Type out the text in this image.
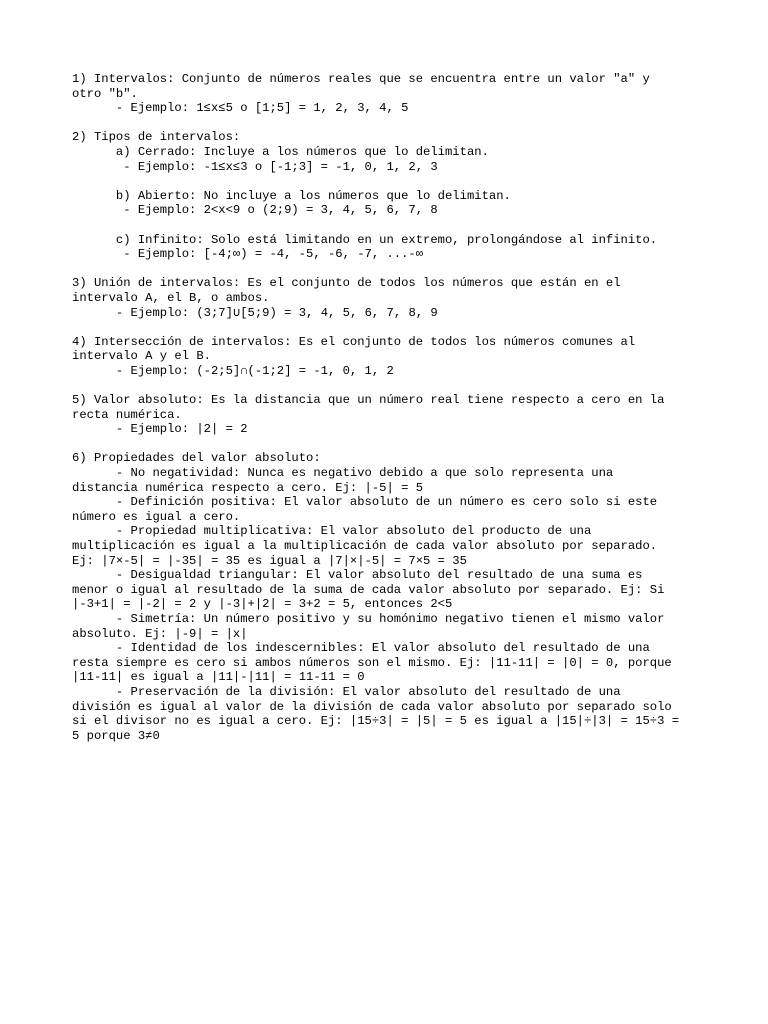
1) Intervalos: Conjunto de números reales que se encuentra entre un valor "a" y
otro "b".
- Ejemplo: 1≤x≤5 o [1;5] = 1, 2, 3, 4, 5
2) Tipos de intervalos:
a) Cerrado: Incluye a los números que lo delimitan.
- Ejemplo: -1≤x≤3 o [-1;3] = -1, 0, 1, 2, 3
b) Abierto: No incluye a los números que lo delimitan.
- Ejemplo: 2<x<9 o (2;9) = 3, 4, 5, 6, 7, 8
c) Infinito: Solo está limitando en un extremo, prolongándose al infinito.
- Ejemplo: [-4;∞) = -4, -5, -6, -7, ...-∞
3) Unión de intervalos: Es el conjunto de todos los números que están en el
intervalo A, el B, o ambos.
- Ejemplo: (3;7]∪[5;9) = 3, 4, 5, 6, 7, 8, 9
4) Intersección de intervalos: Es el conjunto de todos los números comunes al
intervalo A y el B.
- Ejemplo: (-2;5]∩(-1;2] = -1, 0, 1, 2
5) Valor absoluto: Es la distancia que un número real tiene respecto a cero en la
recta numérica.
- Ejemplo: |2| = 2
6) Propiedades del valor absoluto:
- No negatividad: Nunca es negativo debido a que solo representa una
distancia numérica respecto a cero. Ej: |-5| = 5
- Definición positiva: El valor absoluto de un número es cero solo si este
número es igual a cero.
- Propiedad multiplicativa: El valor absoluto del producto de una
multiplicación es igual a la multiplicación de cada valor absoluto por separado.
Ej: |7×-5| = |-35| = 35 es igual a |7|×|-5| = 7×5 = 35
- Desigualdad triangular: El valor absoluto del resultado de una suma es
menor o igual al resultado de la suma de cada valor absoluto por separado. Ej: Si
|-3+1| = |-2| = 2 y |-3|+|2| = 3+2 = 5, entonces 2<5
- Simetría: Un número positivo y su homónimo negativo tienen el mismo valor
absoluto. Ej: |-9| = |x|
- Identidad de los indescernibles: El valor absoluto del resultado de una
resta siempre es cero si ambos números son el mismo. Ej: |11-11| = |0| = 0, porque
|11-11| es igual a |11|-|11| = 11-11 = 0
- Preservación de la división: El valor absoluto del resultado de una
división es igual al valor de la división de cada valor absoluto por separado solo
si el divisor no es igual a cero. Ej: |15÷3| = |5| = 5 es igual a |15|÷|3| = 15÷3 =
5 porque 3≠0
